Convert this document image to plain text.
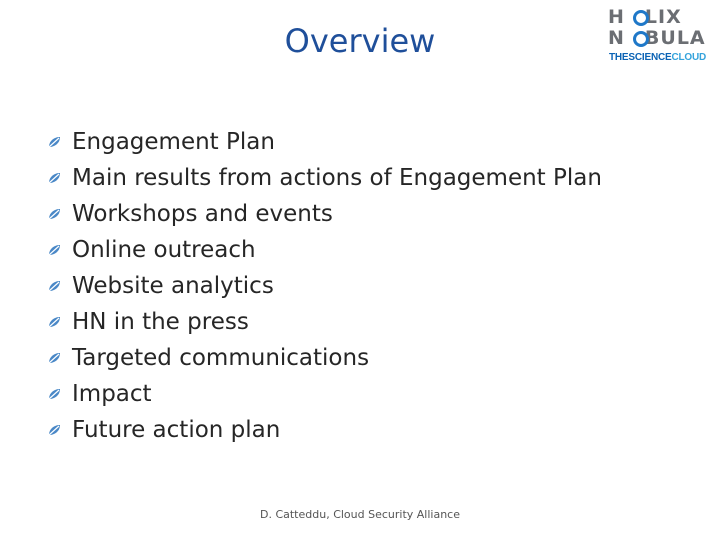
Overview
H LIX
N BULA
THESCIENCECLOUD
Engagement Plan
Main results from actions of Engagement Plan
Workshops and events
Online outreach
Website analytics
HN in the press
Targeted communications
Impact
Future action plan
D. Catteddu, Cloud Security Alliance
